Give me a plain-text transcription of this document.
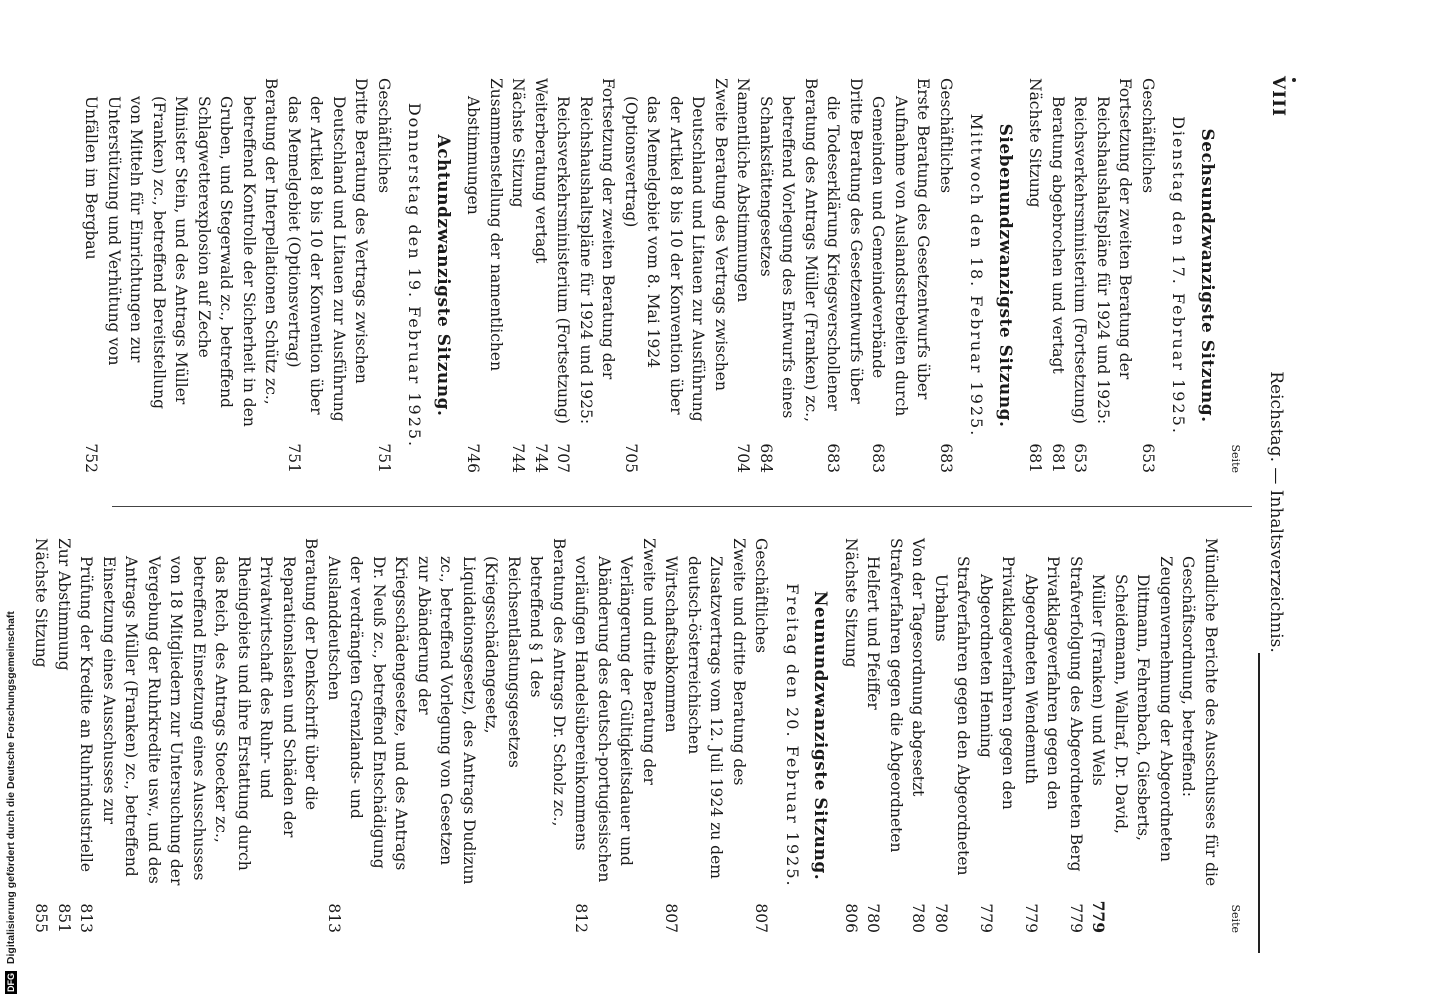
VIII
Reichstag. — Inhaltsverzeichnis.
Seite
Sechsundzwanzigste Sitzung.
Dienstag den 17. Februar 1925.
Geschäftliches
653
Fortsetzung der zweiten Beratung der Reichshaushaltspläne für 1924 und 1925:
Reichsverkehrsministerium (Fortsetzung)
653
Beratung abgebrochen und vertagt
681
Nächste Sitzung
681
Siebenundzwanzigste Sitzung.
Mittwoch den 18. Februar 1925.
Geschäftliches
683
Erste Beratung des Gesetzentwurfs über Aufnahme von Auslandsstrebeiten durch Gemeinden und Gemeindeverbände
683
Dritte Beratung des Gesetzentwurfs über die Todeserklärung Kriegsverschollener
683
Beratung des Antrags Müller (Franken) zc., betreffend Vorlegung des Entwurfs eines Schankstättengesetzes
684
Namentliche Abstimmungen
704
Zweite Beratung des Vertrags zwischen Deutschland und Litauen zur Ausführung der Artikel 8 bis 10 der Konvention über das Memelgebiet vom 8. Mai 1924 (Optionsvertrag)
705
Fortsetzung der zweiten Beratung der Reichshaushaltspläne für 1924 und 1925:
Reichsverkehrsministerium (Fortsetzung)
707
Weiterberatung vertagt
744
Nächste Sitzung
744
Zusammenstellung der namentlichen Abstimmungen
746
Achtundzwanzigste Sitzung.
Donnerstag den 19. Februar 1925.
Geschäftliches
751
Dritte Beratung des Vertrags zwischen Deutschland und Litauen zur Ausführung der Artikel 8 bis 10 der Konvention über das Memelgebiet (Optionsvertrag)
751
Beratung der Interpellationen Schütz zc., betreffend Kontrolle der Sicherheit in den Gruben, und Stegerwald zc., betreffend Schlagwetterexplosion auf Zeche Minister Stein, und des Antrags Müller (Franken) zc., betreffend Bereitstellung von Mitteln für Einrichtungen zur Unterstützung und Verhütung von Unfällen im Bergbau
752
Seite
Mündliche Berichte des Ausschusses für die Geschäftsordnung, betreffend:
Zeugenvernehmung der Abgeordneten Dittmann, Fehrenbach, Giesberts, Scheidemann, Wallraf, Dr. David, Müller (Franken) und Wels
779
Strafverfolgung des Abgeordneten Berg
779
Privatklageverfahren gegen den Abgeordneten Wendemuth
779
Privatklageverfahren gegen den Abgeordneten Henning
779
Strafverfahren gegen den Abgeordneten Urbahns
780
Von der Tagesordnung abgesetzt
780
Strafverfahren gegen die Abgeordneten Helfert und Pfeiffer
780
Nächste Sitzung
806
Neunundzwanzigste Sitzung.
Freitag den 20. Februar 1925.
Geschäftliches
807
Zweite und dritte Beratung des Zusatzvertrags vom 12. Juli 1924 zu dem deutsch-österreichischen Wirtschaftsabkommen
807
Zweite und dritte Beratung der Verlängerung der Gültigkeitsdauer und Abänderung des deutsch-portugiesischen vorläufigen Handelsübereinkommens
812
Beratung des Antrags Dr. Scholz zc., betreffend § 1 des Reichsentlastungsgesetzes (Kriegsschädengesetz, Liquidationsgesetz), des Antrags Dudizun zc., betreffend Vorlegung von Gesetzen zur Abänderung der Kriegsschädengesetze, und des Antrags Dr. Neuß zc., betreffend Entschädigung der verdrängten Grenzlands- und Auslanddeutschen
813
Beratung der Denkschrift über die Reparationslasten und Schäden der Privatwirtschaft des Ruhr- und Rheingebiets und ihre Erstattung durch das Reich, des Antrags Stoecker zc., betreffend Einsetzung eines Ausschusses von 18 Mitgliedern zur Untersuchung der Vergebung der Ruhrkredite usw., und des Antrags Müller (Franken) zc., betreffend Einsetzung eines Ausschusses zur Prüfung der Kredite an Ruhrindustrielle
813
Zur Abstimmung
851
Nächste Sitzung
855
DFG Digitalisierung gefördert durch die Deutsche Forschungsgemeinschaft
